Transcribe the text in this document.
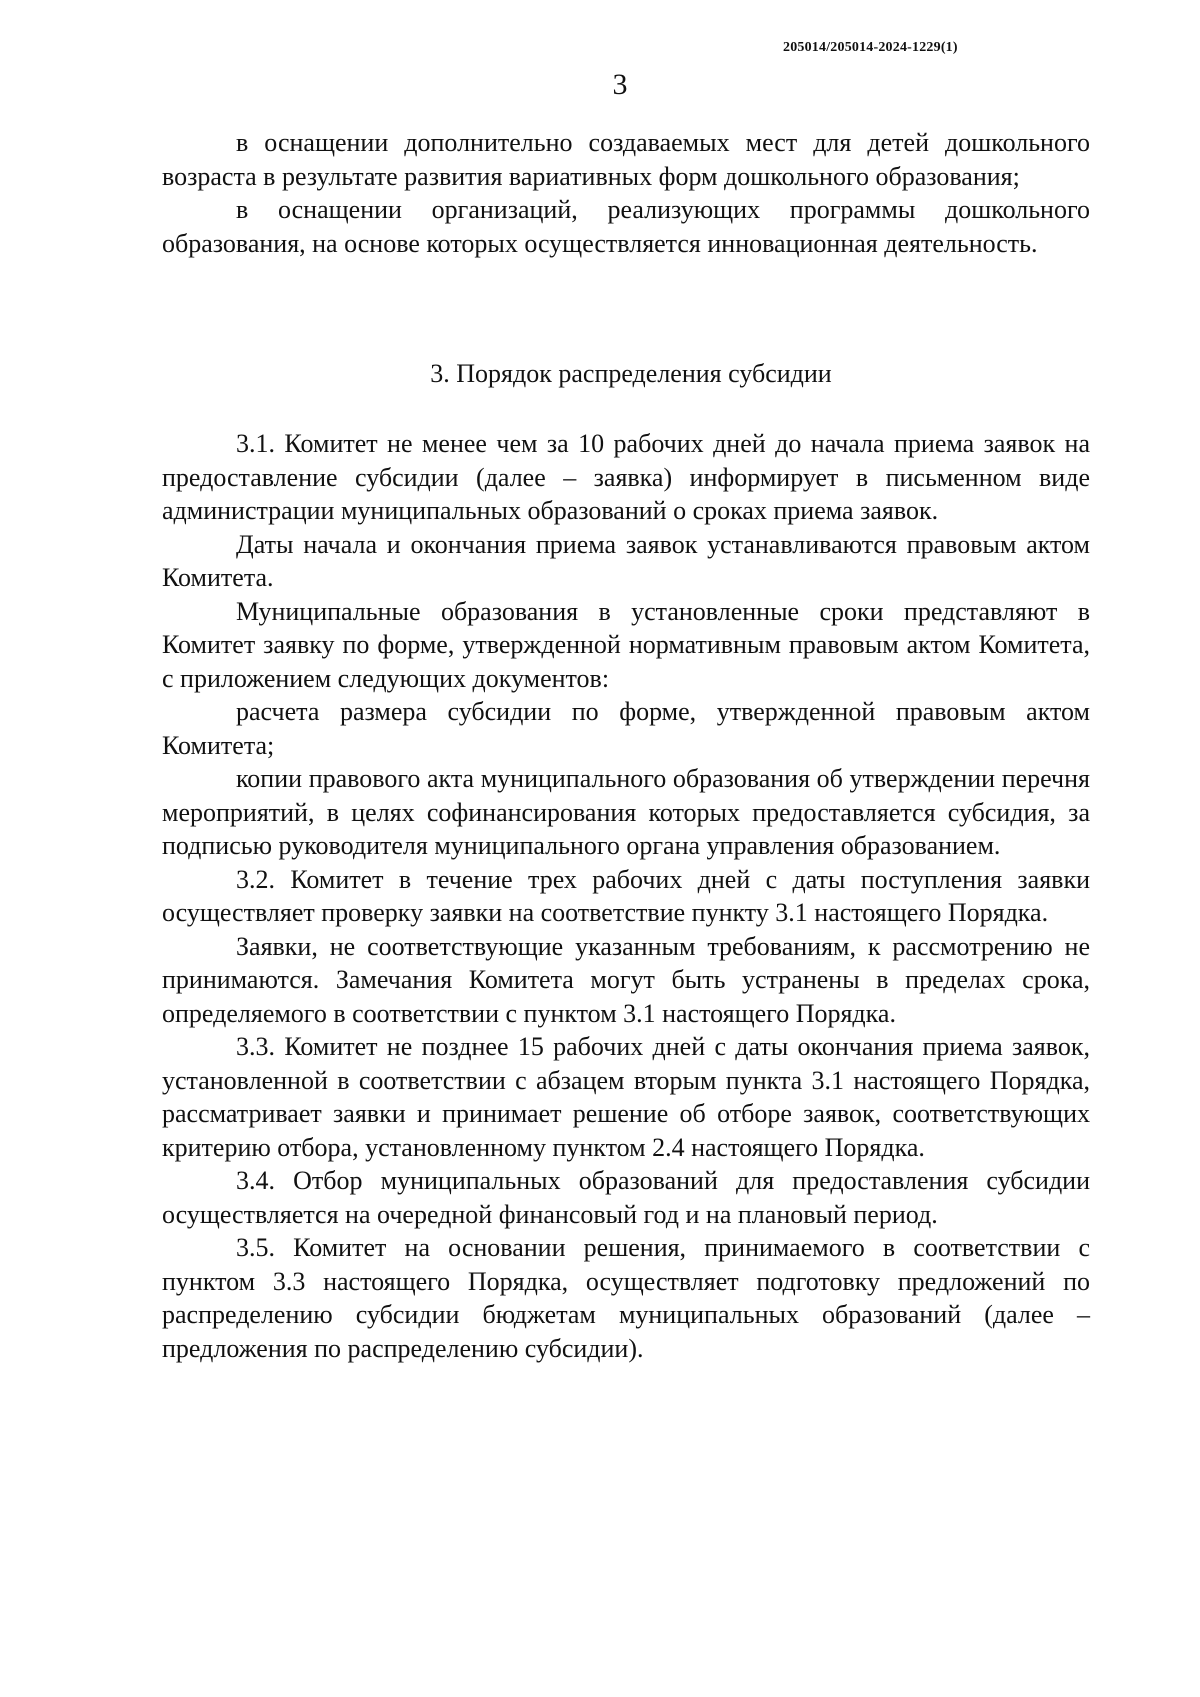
205014/205014-2024-1229(1)
3

в оснащении дополнительно создаваемых мест для детей дошкольного возраста в результате развития вариативных форм дошкольного образования;

в оснащении организаций, реализующих программы дошкольного образования, на основе которых осуществляется инновационная деятельность.

3. Порядок распределения субсидии

3.1. Комитет не менее чем за 10 рабочих дней до начала приема заявок на предоставление субсидии (далее – заявка) информирует в письменном виде администрации муниципальных образований о сроках приема заявок.

Даты начала и окончания приема заявок устанавливаются правовым актом Комитета.

Муниципальные образования в установленные сроки представляют в Комитет заявку по форме, утвержденной нормативным правовым актом Комитета, с приложением следующих документов:

расчета размера субсидии по форме, утвержденной правовым актом Комитета;

копии правового акта муниципального образования об утверждении перечня мероприятий, в целях софинансирования которых предоставляется субсидия, за подписью руководителя муниципального органа управления образованием.

3.2. Комитет в течение трех рабочих дней с даты поступления заявки осуществляет проверку заявки на соответствие пункту 3.1 настоящего Порядка.

Заявки, не соответствующие указанным требованиям, к рассмотрению не принимаются. Замечания Комитета могут быть устранены в пределах срока, определяемого в соответствии с пунктом 3.1 настоящего Порядка.

3.3. Комитет не позднее 15 рабочих дней с даты окончания приема заявок, установленной в соответствии с абзацем вторым пункта 3.1 настоящего Порядка, рассматривает заявки и принимает решение об отборе заявок, соответствующих критерию отбора, установленному пунктом 2.4 настоящего Порядка.

3.4. Отбор муниципальных образований для предоставления субсидии осуществляется на очередной финансовый год и на плановый период.

3.5. Комитет на основании решения, принимаемого в соответствии с пунктом 3.3 настоящего Порядка, осуществляет подготовку предложений по распределению субсидии бюджетам муниципальных образований (далее – предложения по распределению субсидии).
